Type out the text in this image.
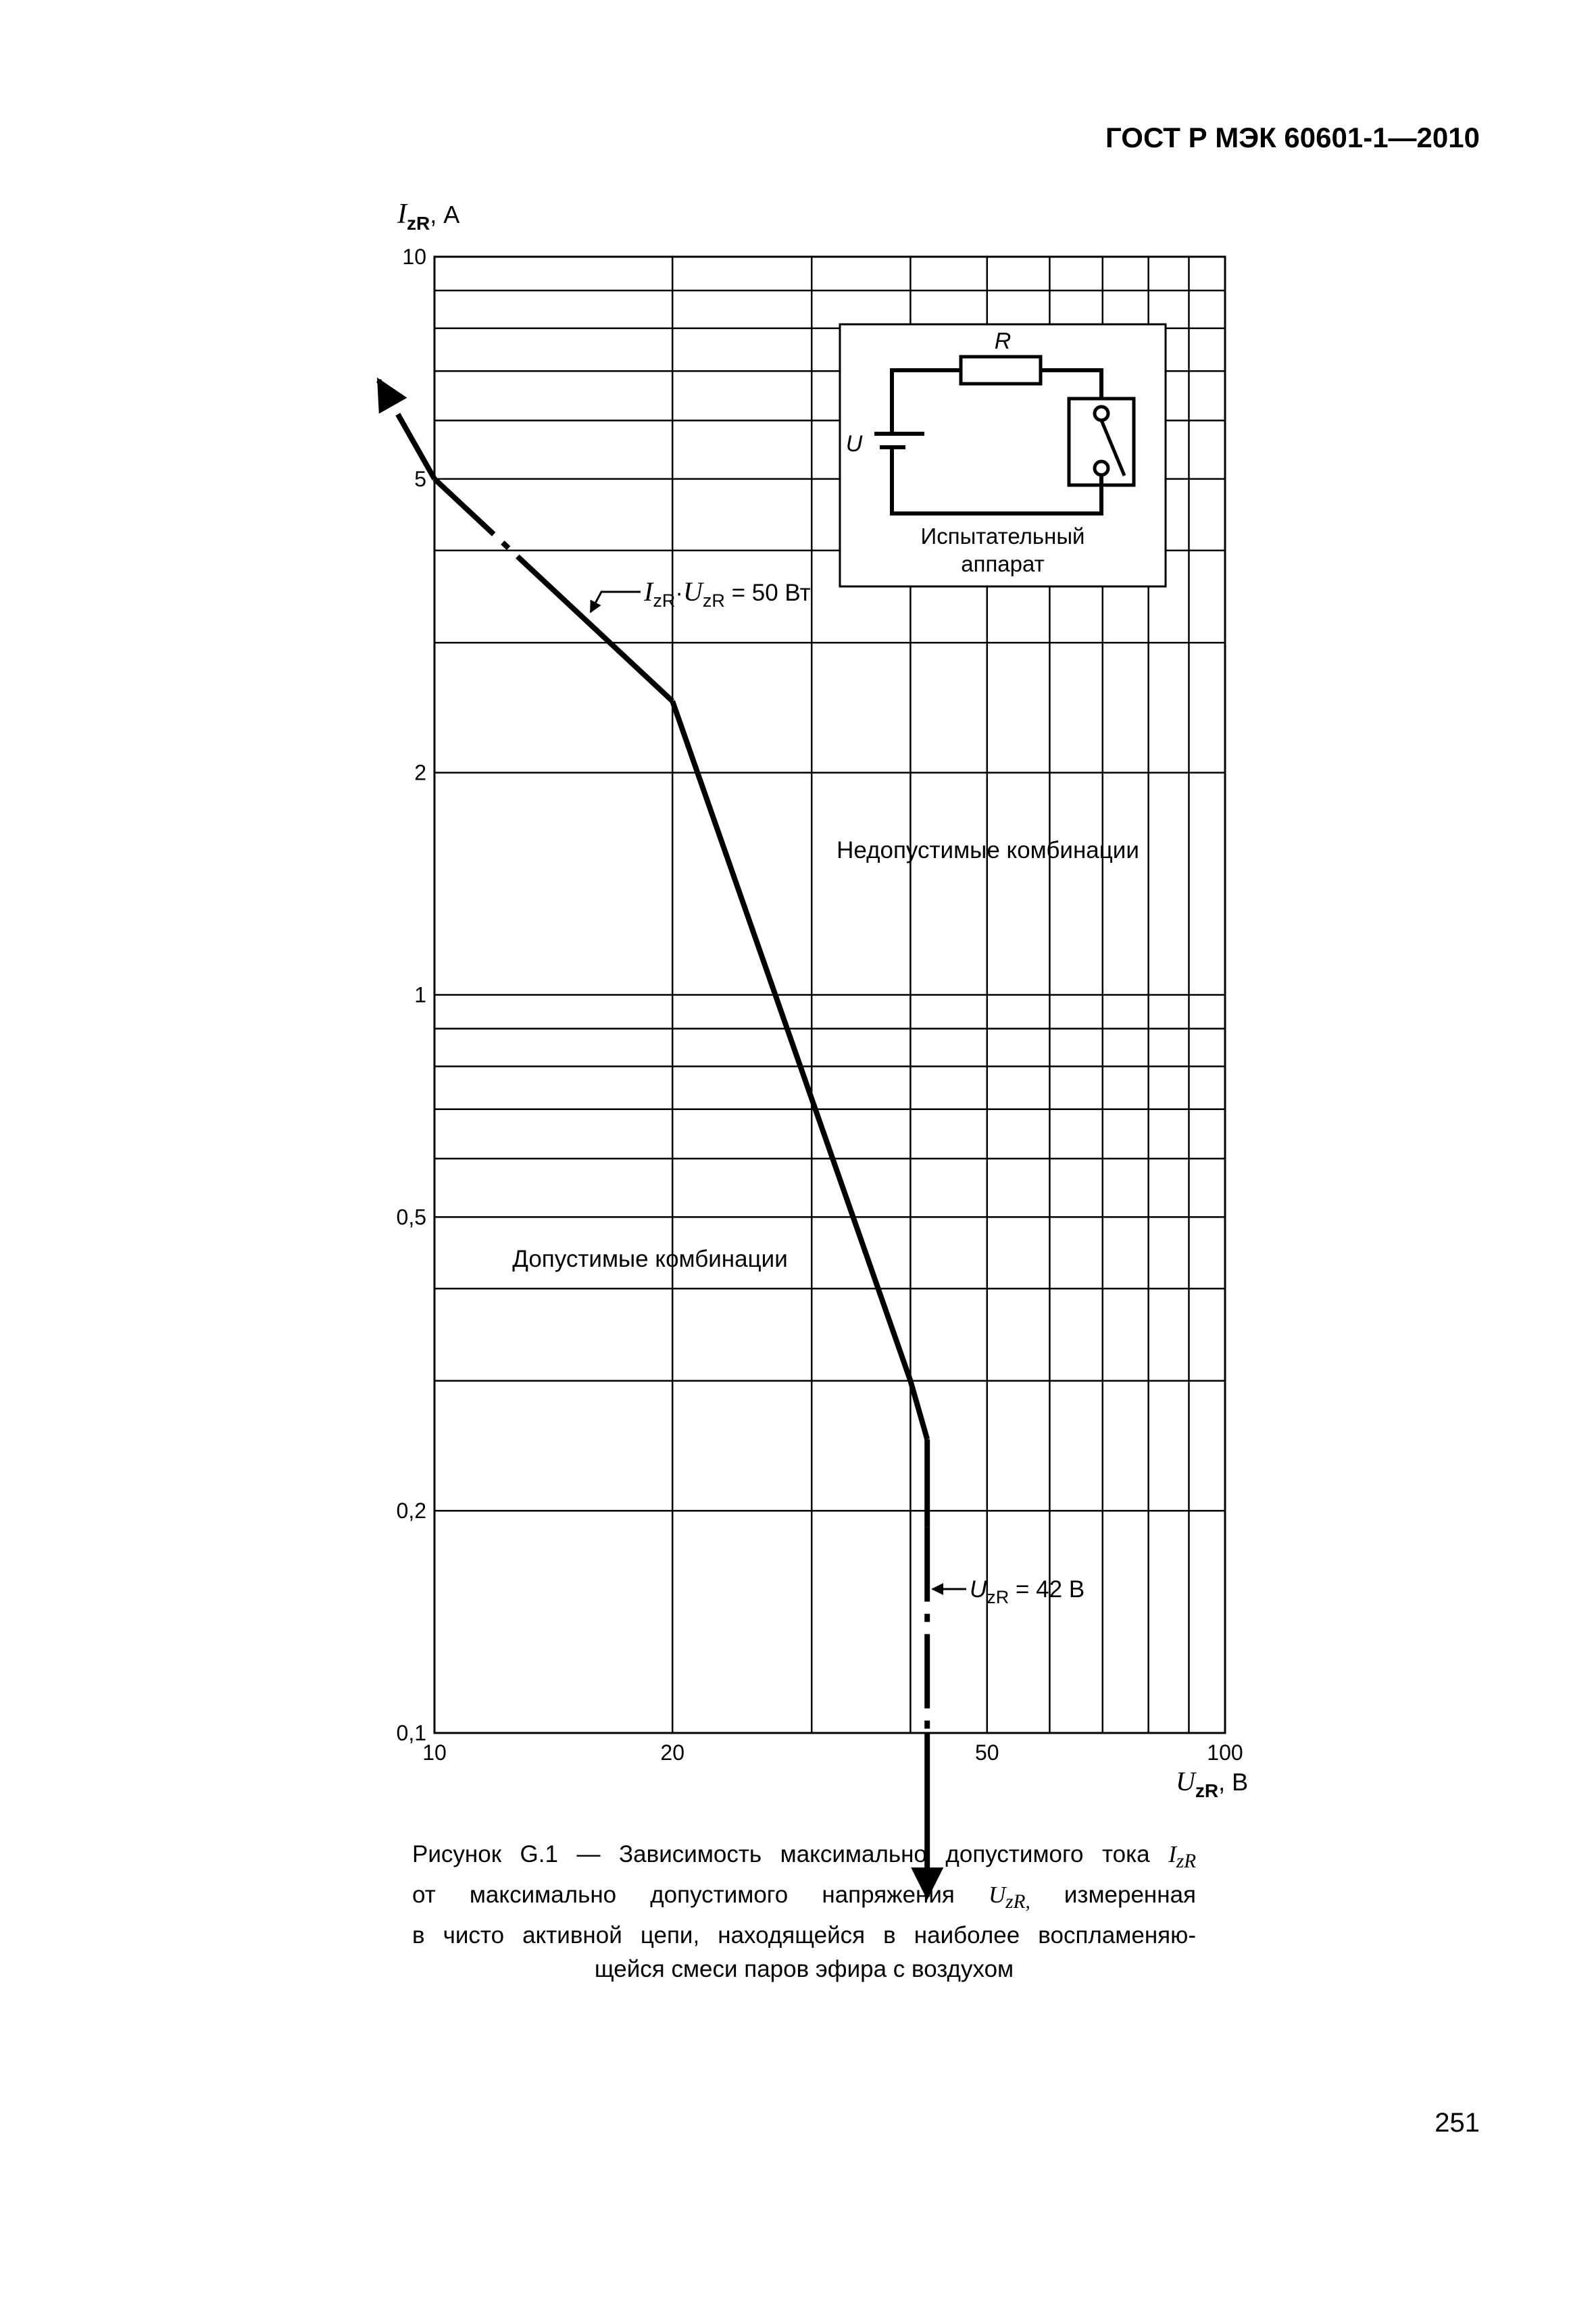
ГОСТ Р МЭК 60601-1—2010
10	20	50	100
0,1
0,2
0,5
1
2
5
10
$I_{zR}$, А
$U_{zR}$, В
R
U
Испытательный
аппарат
$I_{zR}\cdot U_{zR} = 50$ Вт
$U_{zR} = 42$ В
Недопустимые комбинации
Допустимые комбинации
Рисунок G.1 — Зависимость максимально допустимого тока $I_{zR}$
от максимально допустимого напряжения $U_{zR,}$ измеренная
в чисто активной цепи, находящейся в наиболее воспламеняю-
щейся смеси паров эфира с воздухом
251
